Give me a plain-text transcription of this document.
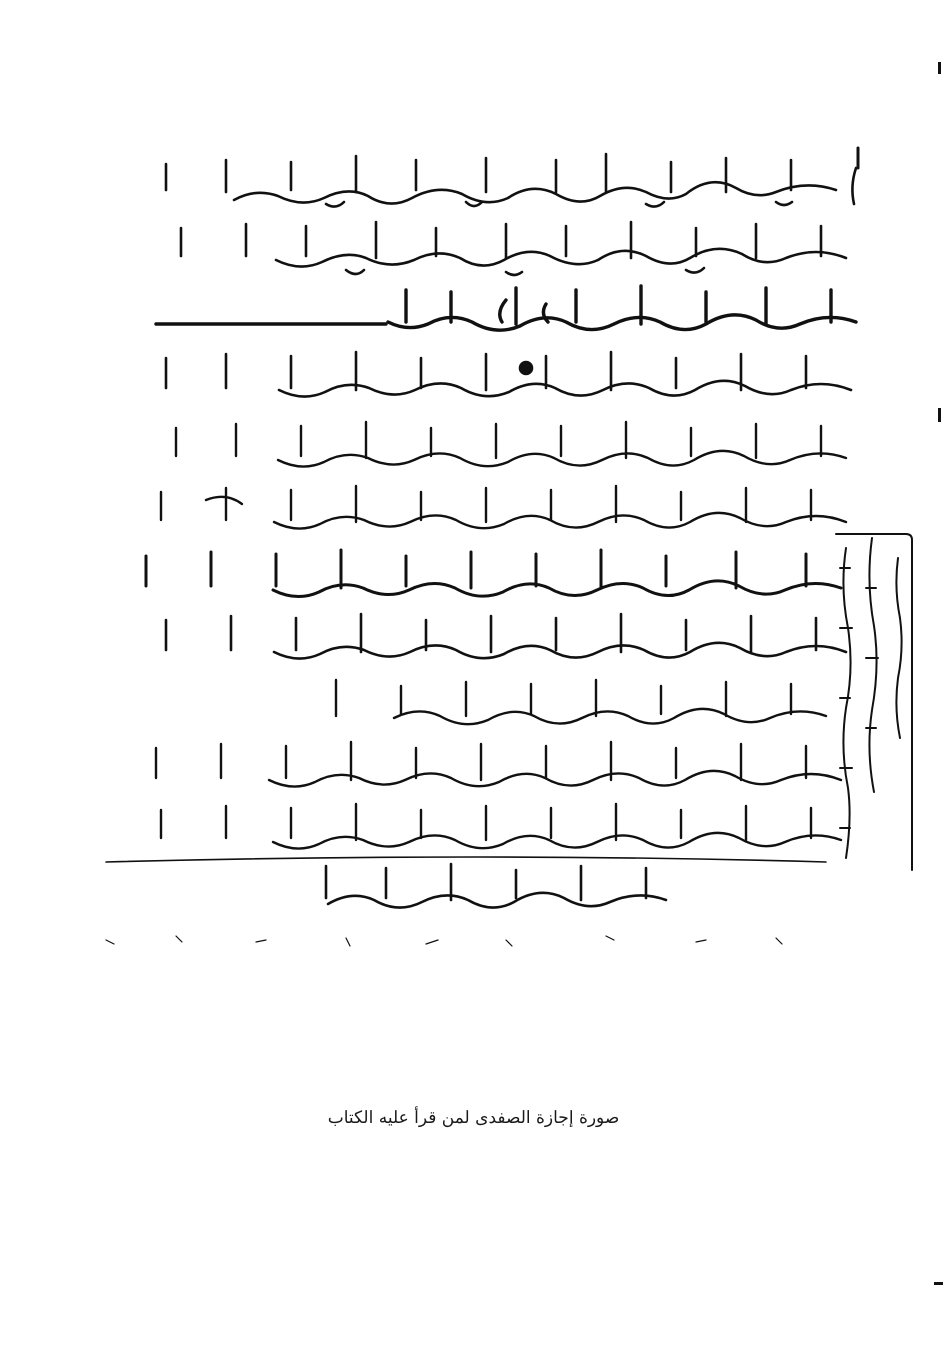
صورة إجازة الصفدى لمن قرأ عليه الكتاب
